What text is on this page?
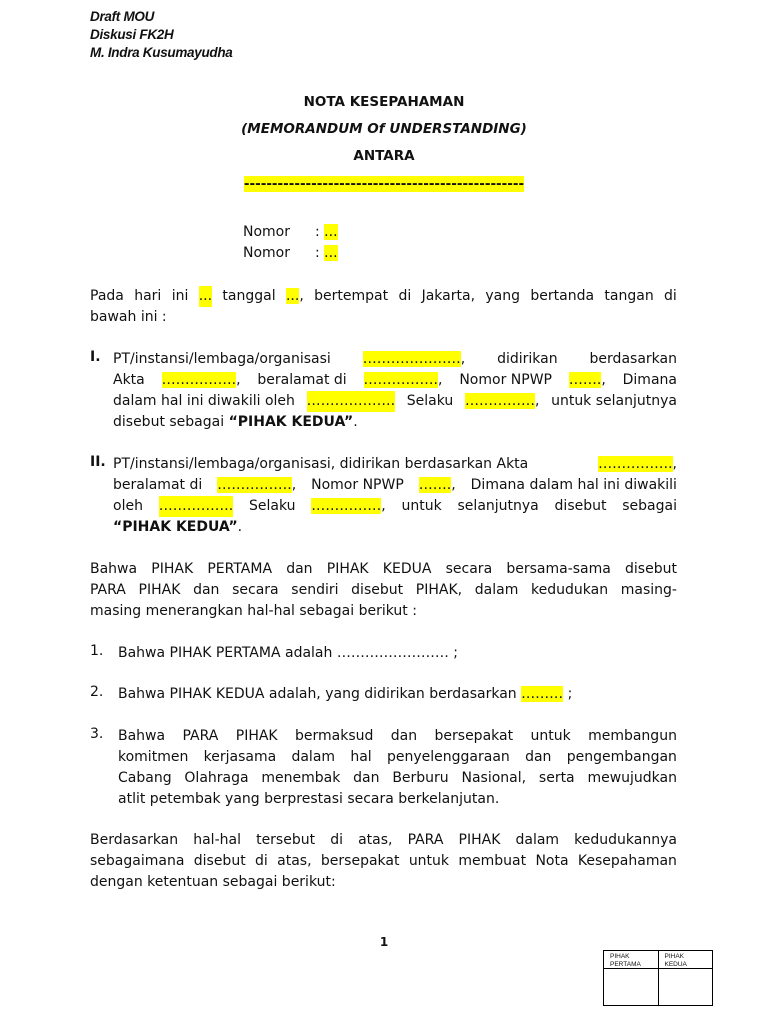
Draft MOU
Diskusi FK2H
M. Indra Kusumayudha
NOTA KESEPAHAMAN
(MEMORANDUM Of UNDERSTANDING)
ANTARA
--------------------------------------------------
Nomor : ...
Nomor : ...
Pada hari ini ... tanggal ..., bertempat di Jakarta, yang bertanda tangan di
bawah ini :
I. PT/instansi/lembaga/organisasi …………………, didirikan berdasarkan
Akta ……………., beralamat di ……………., Nomor NPWP ……., Dimana
dalam hal ini diwakili oleh ………………. Selaku ……………, untuk selanjutnya
disebut sebagai
“PIHAK KEDUA” .
II. PT/instansi/lembaga/organisasi, didirikan berdasarkan Akta	…………….,
beralamat di ……………., Nomor NPWP ……., Dimana dalam hal ini diwakili
oleh ……………. Selaku ……………, untuk selanjutnya disebut sebagai
“PIHAK KEDUA” .
Bahwa PIHAK PERTAMA dan PIHAK KEDUA secara bersama-sama disebut
PARA PIHAK dan secara sendiri disebut PIHAK, dalam kedudukan masing-
masing menerangkan hal-hal sebagai berikut :
1. Bahwa PIHAK PERTAMA adalah …………………… ;
2. Bahwa PIHAK KEDUA adalah, yang didirikan berdasarkan ……… ;
3. Bahwa PARA PIHAK bermaksud dan bersepakat untuk membangun
komitmen kerjasama dalam hal penyelenggaraan dan pengembangan
Cabang Olahraga menembak dan Berburu Nasional, serta mewujudkan
atlit petembak yang berprestasi secara berkelanjutan.
Berdasarkan hal-hal tersebut di atas, PARA PIHAK dalam kedudukannya
sebagaimana disebut di atas, bersepakat untuk membuat Nota Kesepahaman
dengan ketentuan sebagai berikut:
1
PIHAK
PERTAMA
PIHAK
KEDUA
